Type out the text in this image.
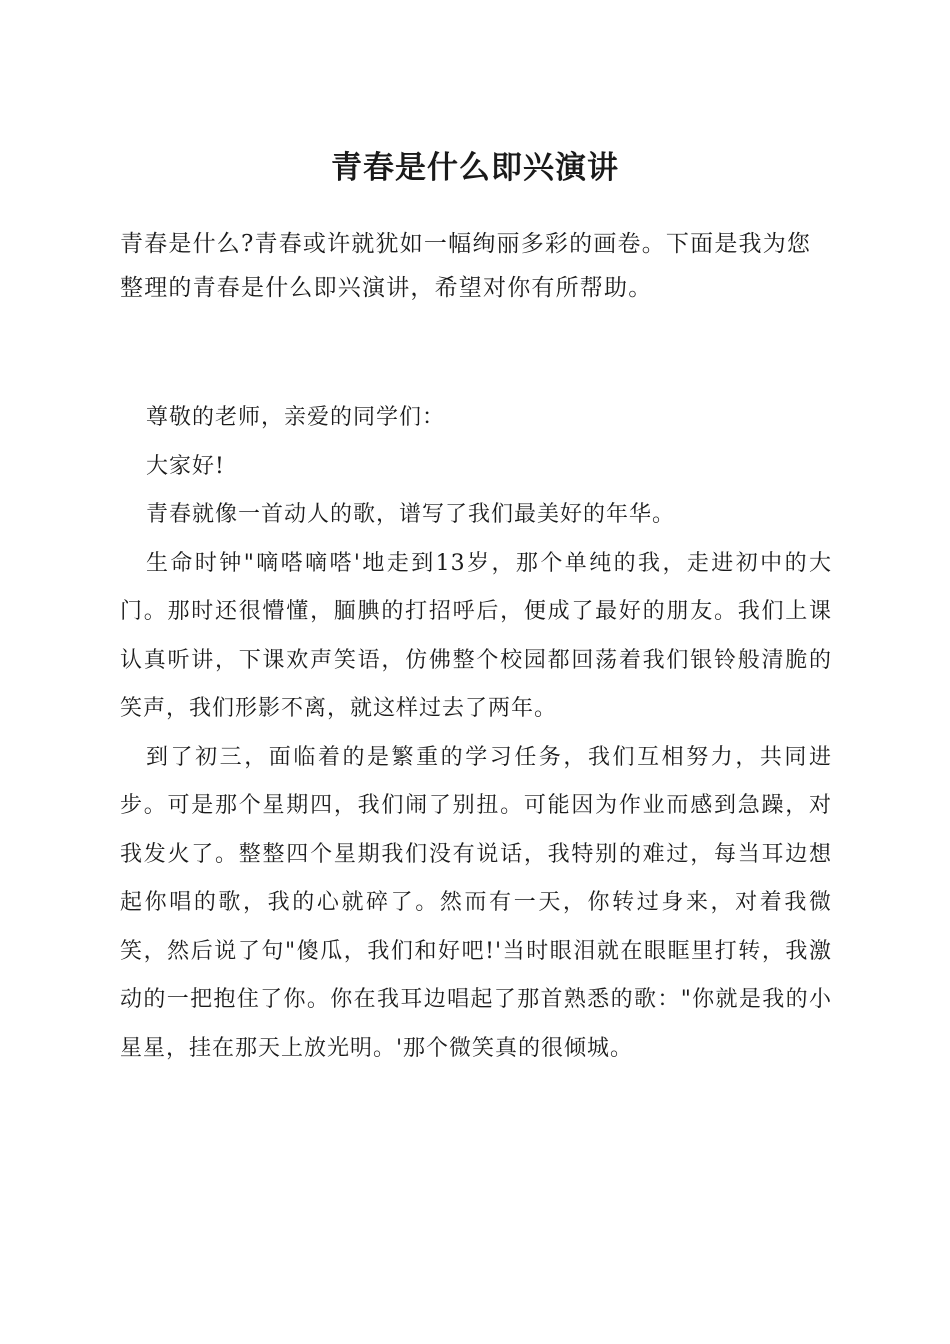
青春是什么即兴演讲

青春是什么?青春或许就犹如一幅绚丽多彩的画卷。下面是我为您整理的青春是什么即兴演讲，希望对你有所帮助。

尊敬的老师，亲爱的同学们：

大家好!

青春就像一首动人的歌，谱写了我们最美好的年华。

生命时钟"嘀嗒嘀嗒'地走到13岁，那个单纯的我，走进初中的大门。那时还很懵懂，腼腆的打招呼后，便成了最好的朋友。我们上课认真听讲，下课欢声笑语，仿佛整个校园都回荡着我们银铃般清脆的笑声，我们形影不离，就这样过去了两年。

到了初三，面临着的是繁重的学习任务，我们互相努力，共同进步。可是那个星期四，我们闹了别扭。可能因为作业而感到急躁，对我发火了。整整四个星期我们没有说话，我特别的难过，每当耳边想起你唱的歌，我的心就碎了。然而有一天，你转过身来，对着我微笑，然后说了句"傻瓜，我们和好吧!'当时眼泪就在眼眶里打转，我激动的一把抱住了你。你在我耳边唱起了那首熟悉的歌："你就是我的小星星，挂在那天上放光明。'那个微笑真的很倾城。
